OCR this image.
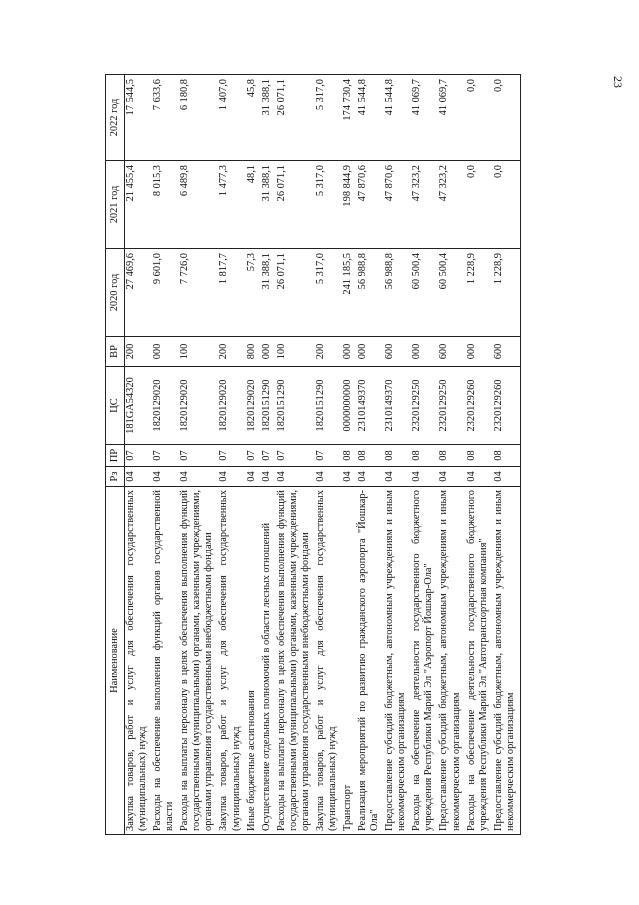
23
Наименование	Рз	ПР	ЦС	ВР	2020 год	2021 год	2022 год
Закупка товаров, работ и услуг для обеспечения государственных (муниципальных) нужд	04	07	181GA54320	200	27 469,6	21 455,4	17 544,5
Расходы на обеспечение выполнения функций органов государственной власти	04	07	1820129020	000	9 601,0	8 015,3	7 633,6
Расходы на выплаты персоналу в целях обеспечения выполнения функций государственными (муниципальными) органами, казенными учреждениями, органами управления государственными внебюджетными фондами	04	07	1820129020	100	7 726,0	6 489,8	6 180,8
Закупка товаров, работ и услуг для обеспечения государственных (муниципальных) нужд	04	07	1820129020	200	1 817,7	1 477,3	1 407,0
Иные бюджетные ассигнования	04	07	1820129020	800	57,3	48,1	45,8
Осуществление отдельных полномочий в области лесных отношений	04	07	1820151290	000	31 388,1	31 388,1	31 388,1
Расходы на выплаты персоналу в целях обеспечения выполнения функций государственными (муниципальными) органами, казенными учреждениями, органами управления государственными внебюджетными фондами	04	07	1820151290	100	26 071,1	26 071,1	26 071,1
Закупка товаров, работ и услуг для обеспечения государственных (муниципальных) нужд	04	07	1820151290	200	5 317,0	5 317,0	5 317,0
Транспорт	04	08	0000000000	000	241 185,5	198 844,9	174 730,4
Реализация мероприятий по развитию гражданского аэропорта "Йошкар-Ола"	04	08	2310149370	000	56 988,8	47 870,6	41 544,8
Предоставление субсидий бюджетным, автономным учреждениям и иным некоммерческим организациям	04	08	2310149370	600	56 988,8	47 870,6	41 544,8
Расходы на обеспечение деятельности государственного бюджетного учреждения Республики Марий Эл "Аэропорт Йошкар-Ола"	04	08	2320129250	000	60 500,4	47 323,2	41 069,7
Предоставление субсидий бюджетным, автономным учреждениям и иным некоммерческим организациям	04	08	2320129250	600	60 500,4	47 323,2	41 069,7
Расходы на обеспечение деятельности государственного бюджетного учреждения Республики Марий Эл "Автотранспортная компания"	04	08	2320129260	000	1 228,9	0,0	0,0
Предоставление субсидий бюджетным, автономным учреждениям и иным некоммерческим организациям	04	08	2320129260	600	1 228,9	0,0	0,0
